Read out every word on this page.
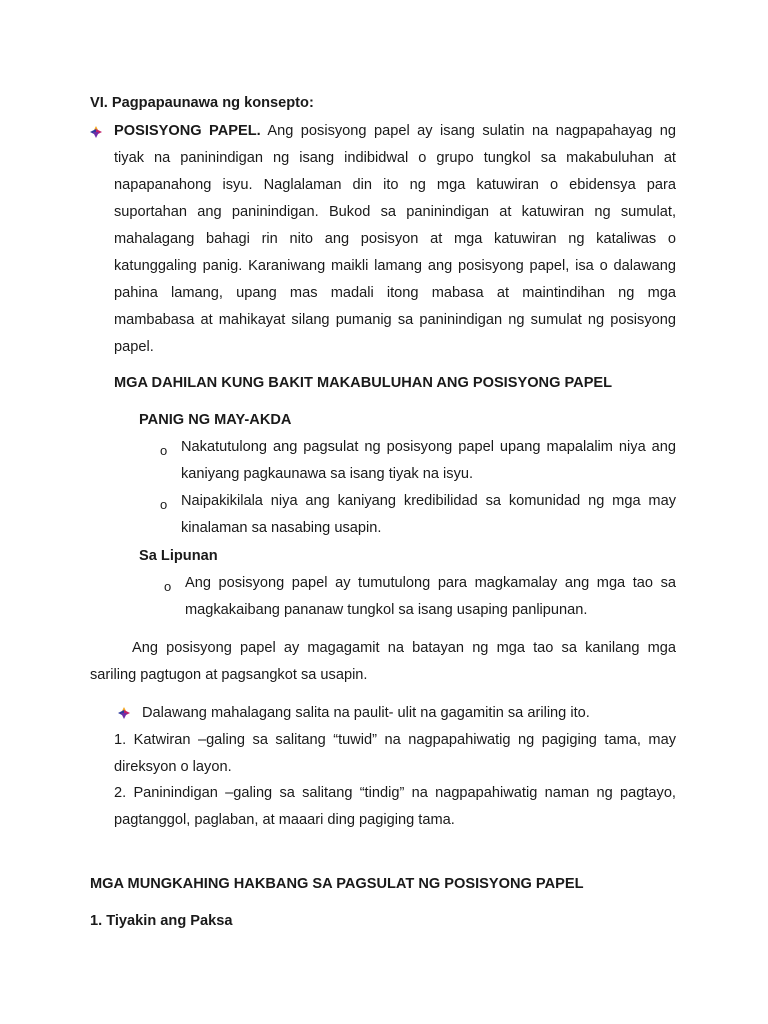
VI. Pagpapaunawa ng konsepto:
POSISYONG PAPEL. Ang posisyong papel ay isang sulatin na nagpapahayag ng
tiyak na paninindigan ng isang indibidwal o grupo tungkol sa makabuluhan at
napapanahong isyu. Naglalaman din ito ng mga katuwiran o ebidensya para
suportahan ang paninindigan. Bukod sa paninindigan at katuwiran ng sumulat,
mahalagang bahagi rin nito ang posisyon at mga katuwiran ng kataliwas o
katunggaling panig. Karaniwang maikli lamang ang posisyong papel, isa o dalawang
pahina lamang, upang mas madali itong mabasa at maintindihan ng mga
mambabasa at mahikayat silang pumanig sa paninindigan ng sumulat ng posisyong
papel.
MGA DAHILAN KUNG BAKIT MAKABULUHAN ANG POSISYONG PAPEL
PANIG NG MAY-AKDA
o Nakatutulong ang pagsulat ng posisyong papel upang mapalalim niya ang
kaniyang pagkaunawa sa isang tiyak na isyu.
o Naipakikilala niya ang kaniyang kredibilidad sa komunidad ng mga may
kinalaman sa nasabing usapin.
Sa Lipunan
o Ang posisyong papel ay tumutulong para magkamalay ang mga tao sa
magkakaibang pananaw tungkol sa isang usaping panlipunan.
Ang posisyong papel ay magagamit na batayan ng mga tao sa kanilang mga
sariling pagtugon at pagsangkot sa usapin.
Dalawang mahalagang salita na paulit- ulit na gagamitin sa ariling ito.
1. Katwiran –galing sa salitang “tuwid” na nagpapahiwatig ng pagiging tama, may
direksyon o layon.
2. Paninindigan –galing sa salitang “tindig” na nagpapahiwatig naman ng pagtayo,
pagtanggol, paglaban, at maaari ding pagiging tama.
MGA MUNGKAHING HAKBANG SA PAGSULAT NG POSISYONG PAPEL
1. Tiyakin ang Paksa
